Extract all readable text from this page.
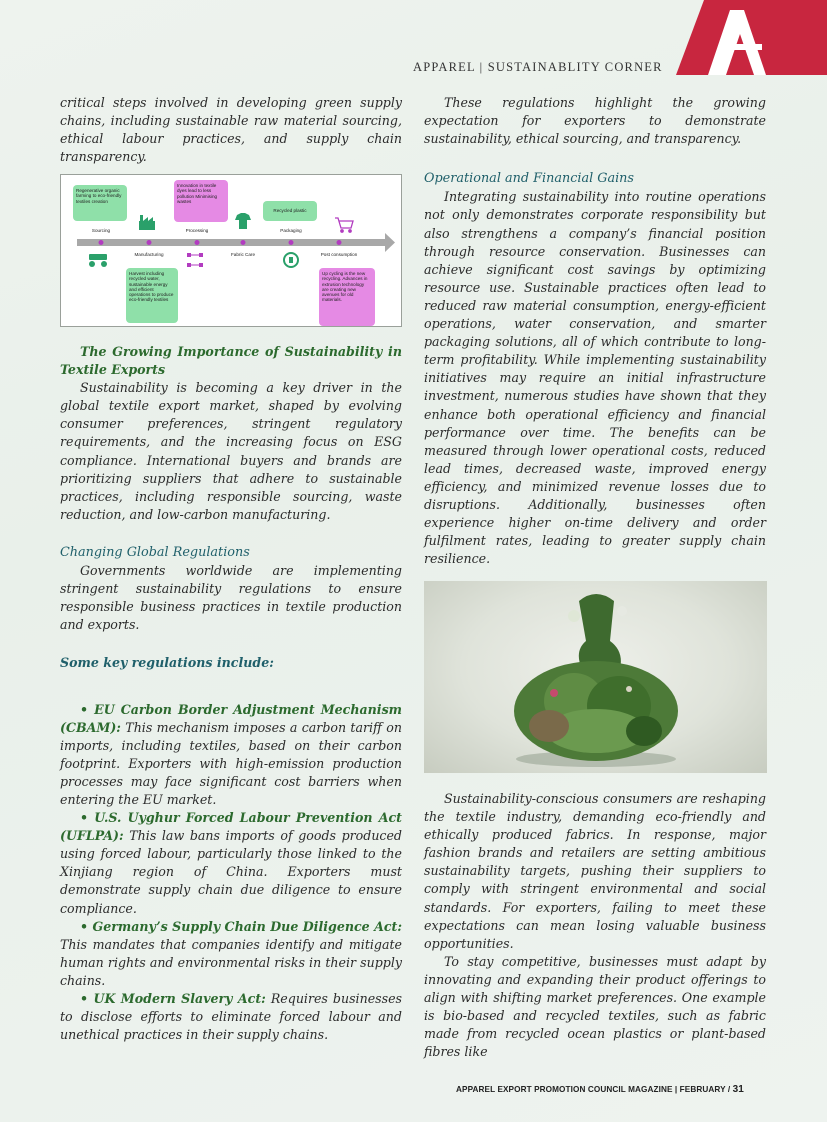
APPAREL | SUSTAINABLITY CORNER

critical steps involved in developing green supply chains, including sustainable raw material sourcing, ethical labour practices, and supply chain transparency.

Regenerative organic farming to eco-friendly textiles creation
Innovation in textile dyes lead to less pollution Minimising wastes
Recycled plastic
Harvest including recycled water, sustainable energy and efficient operations to produce eco-friendly textiles
Up cycling is the new recycling. Advances in extrusion technology are creating new avenues for old materials.
Sourcing
Manufacturing
Processing
Fabric Care
Packaging
Post consumption

The Growing Importance of Sustainability in Textile Exports

Sustainability is becoming a key driver in the global textile export market, shaped by evolving consumer preferences, stringent regulatory requirements, and the increasing focus on ESG compliance. International buyers and brands are prioritizing suppliers that adhere to sustainable practices, including responsible sourcing, waste reduction, and low-carbon manufacturing.

Changing Global Regulations

Governments worldwide are implementing stringent sustainability regulations to ensure responsible business practices in textile production and exports.

Some key regulations include:

• EU Carbon Border Adjustment Mechanism (CBAM): This mechanism imposes a carbon tariff on imports, including textiles, based on their carbon footprint. Exporters with high-emission production processes may face significant cost barriers when entering the EU market.

• U.S. Uyghur Forced Labour Prevention Act (UFLPA): This law bans imports of goods produced using forced labour, particularly those linked to the Xinjiang region of China. Exporters must demonstrate supply chain due diligence to ensure compliance.

• Germany’s Supply Chain Due Diligence Act: This mandates that companies identify and mitigate human rights and environmental risks in their supply chains.

• UK Modern Slavery Act: Requires businesses to disclose efforts to eliminate forced labour and unethical practices in their supply chains.

These regulations highlight the growing expectation for exporters to demonstrate sustainability, ethical sourcing, and transparency.

Operational and Financial Gains

Integrating sustainability into routine operations not only demonstrates corporate responsibility but also strengthens a company’s financial position through resource conservation. Businesses can achieve significant cost savings by optimizing resource use. Sustainable practices often lead to reduced raw material consumption, energy-efficient operations, water conservation, and smarter packaging solutions, all of which contribute to long-term profitability. While implementing sustainability initiatives may require an initial infrastructure investment, numerous studies have shown that they enhance both operational efficiency and financial performance over time. The benefits can be measured through lower operational costs, reduced lead times, decreased waste, improved energy efficiency, and minimized revenue losses due to disruptions. Additionally, businesses often experience higher on-time delivery and order fulfilment rates, leading to greater supply chain resilience.

Sustainability-conscious consumers are reshaping the textile industry, demanding eco-friendly and ethically produced fabrics. In response, major fashion brands and retailers are setting ambitious sustainability targets, pushing their suppliers to comply with stringent environmental and social standards. For exporters, failing to meet these expectations can mean losing valuable business opportunities.

To stay competitive, businesses must adapt by innovating and expanding their product offerings to align with shifting market preferences. One example is bio-based and recycled textiles, such as fabric made from recycled ocean plastics or plant-based fibres like

APPAREL EXPORT PROMOTION COUNCIL MAGAZINE | FEBRUARY / 31
